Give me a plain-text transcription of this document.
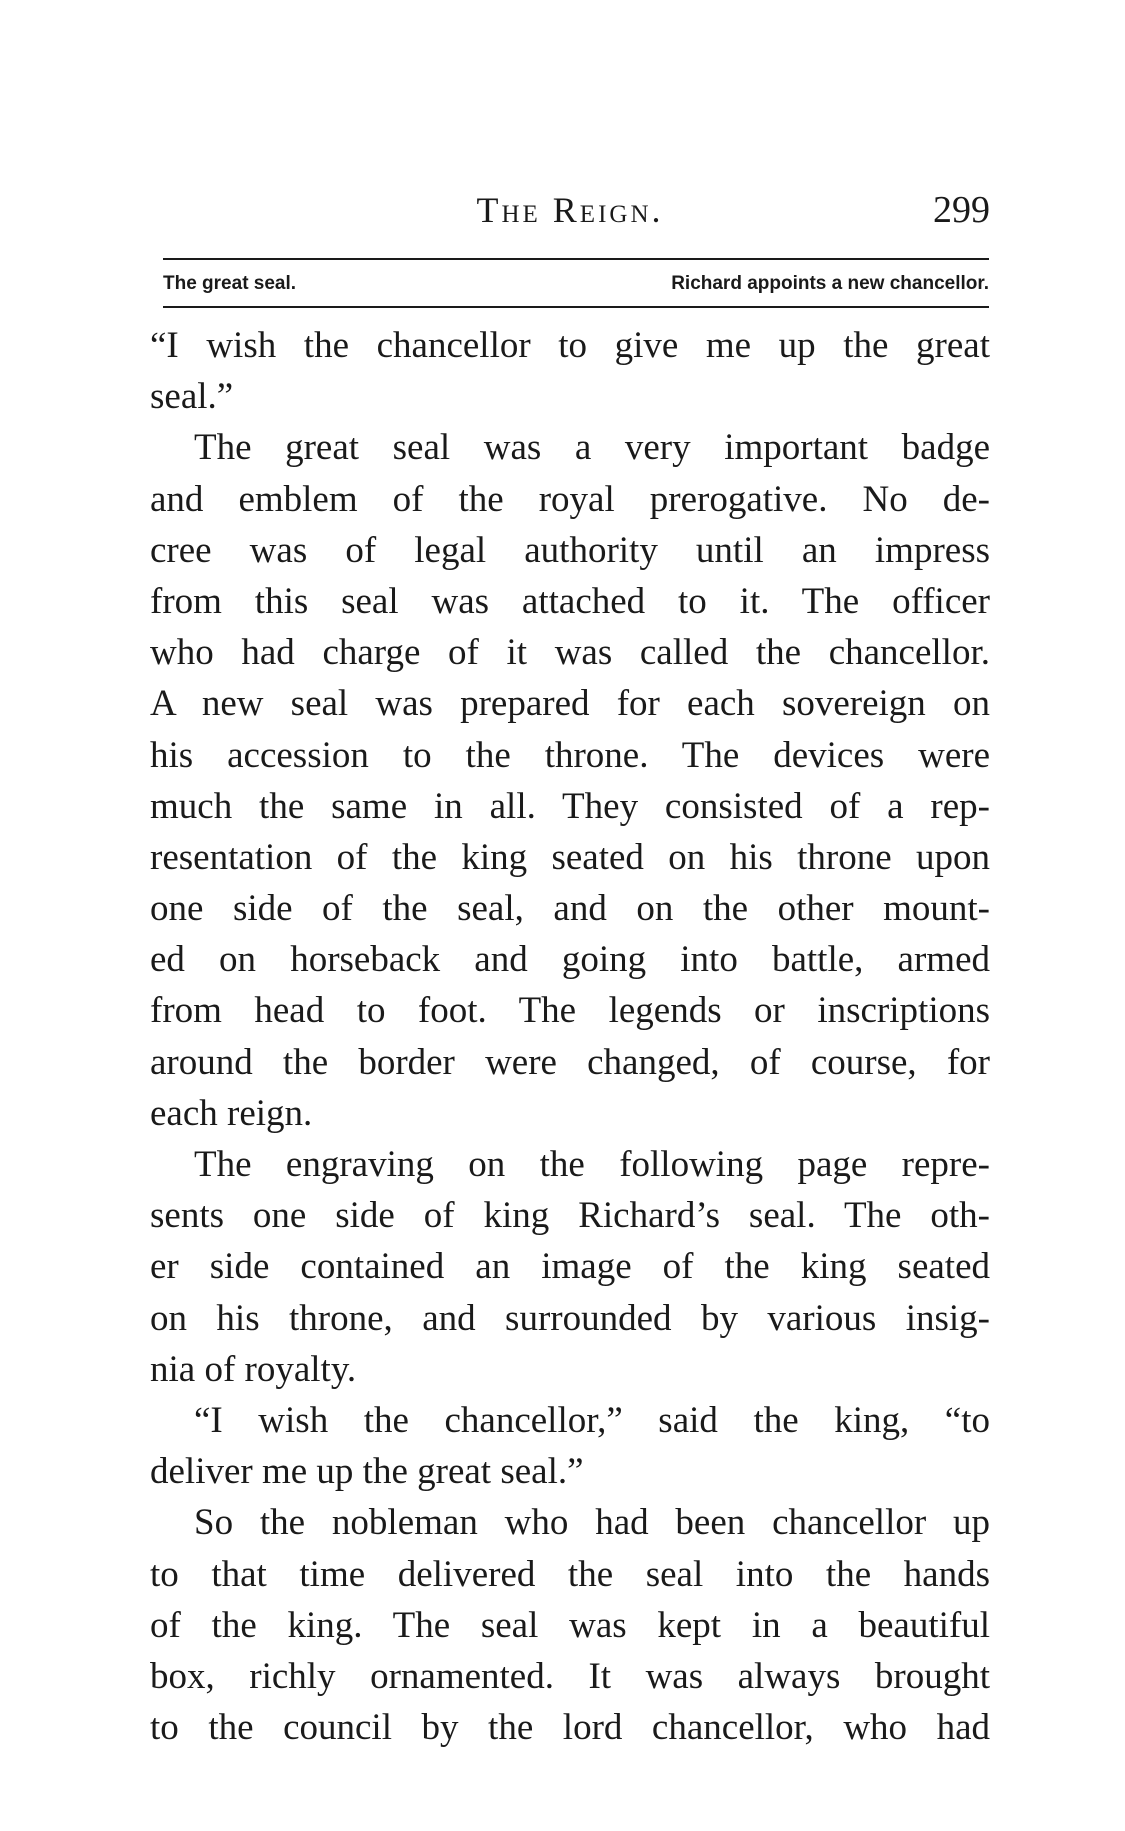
The Reign.	299
The great seal.	Richard appoints a new chancellor.
“I wish the chancellor to give me up the great
seal.”
The great seal was a very important badge
and emblem of the royal prerogative. No de-
cree was of legal authority until an impress
from this seal was attached to it. The officer
who had charge of it was called the chancellor.
A new seal was prepared for each sovereign on
his accession to the throne. The devices were
much the same in all. They consisted of a rep-
resentation of the king seated on his throne upon
one side of the seal, and on the other mount-
ed on horseback and going into battle, armed
from head to foot. The legends or inscriptions
around the border were changed, of course, for
each reign.
The engraving on the following page repre-
sents one side of king Richard’s seal. The oth-
er side contained an image of the king seated
on his throne, and surrounded by various insig-
nia of royalty.
“I wish the chancellor,” said the king, “to
deliver me up the great seal.”
So the nobleman who had been chancellor up
to that time delivered the seal into the hands
of the king. The seal was kept in a beautiful
box, richly ornamented. It was always brought
to the council by the lord chancellor, who had
